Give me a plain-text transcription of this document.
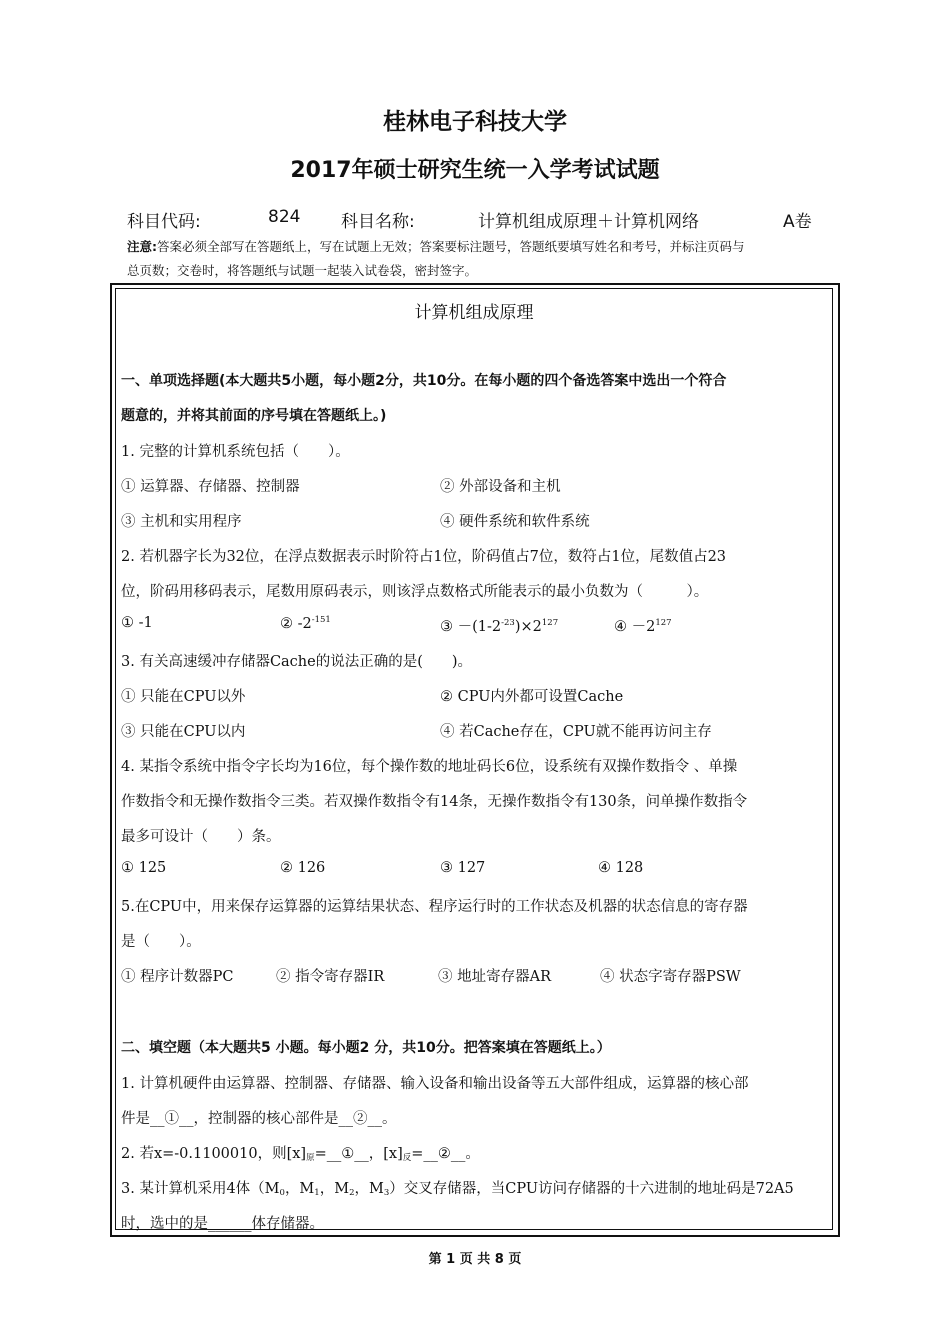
桂林电子科技大学
2017年硕士研究生统一入学考试试题
科目代码:	824 科目名称:	计算机组成原理＋计算机网络	A卷
注意:答案必须全部写在答题纸上，写在试题上无效；答案要标注题号，答题纸要填写姓名和考号，并标注页码与
总页数；交卷时，将答题纸与试题一起装入试卷袋，密封签字。
计算机组成原理
一、单项选择题(本大题共5小题，每小题2分，共10分。在每小题的四个备选答案中选出一个符合
题意的，并将其前面的序号填在答题纸上。)
1. 完整的计算机系统包括（　　）。
① 运算器、存储器、控制器	② 外部设备和主机
③ 主机和实用程序	④ 硬件系统和软件系统
2. 若机器字长为32位，在浮点数据表示时阶符占1位，阶码值占7位，数符占1位，尾数值占23
位，阶码用移码表示，尾数用原码表示，则该浮点数格式所能表示的最小负数为（　　　）。
① -1	② $-2^{-151}$	③ $-(1-2^{-23})\times 2^{127}$	④ $-2^{127}$
3. 有关高速缓冲存储器Cache的说法正确的是(　　)。
① 只能在CPU以外	② CPU内外都可设置Cache
③ 只能在CPU以内	④ 若Cache存在，CPU就不能再访问主存
4. 某指令系统中指令字长均为16位，每个操作数的地址码长6位，设系统有双操作数指令 、单操
作数指令和无操作数指令三类。若双操作数指令有14条，无操作数指令有130条，问单操作数指令
最多可设计（　　）条。
① 125	② 126	③ 127	④ 128
5.在CPU中，用来保存运算器的运算结果状态、程序运行时的工作状态及机器的状态信息的寄存器
是（　　）。
① 程序计数器PC	② 指令寄存器IR	③ 地址寄存器AR	④ 状态字寄存器PSW
二、填空题（本大题共5 小题。每小题2 分，共10分。把答案填在答题纸上。）
1. 计算机硬件由运算器、控制器、存储器、输入设备和输出设备等五大部件组成，运算器的核心部
件是__①__，控制器的核心部件是__②__。
2. 若x=-0.1100010，则$[x]_原=\_\_①\_\_$，$[x]_反=\_\_②\_\_$。
3. 某计算机采用4体（$M_0$，$M_1$，$M_2$，$M_3$）交叉存储器，当CPU访问存储器的十六进制的地址码是72A5
时，选中的是______体存储器。
第 1 页 共 8 页
